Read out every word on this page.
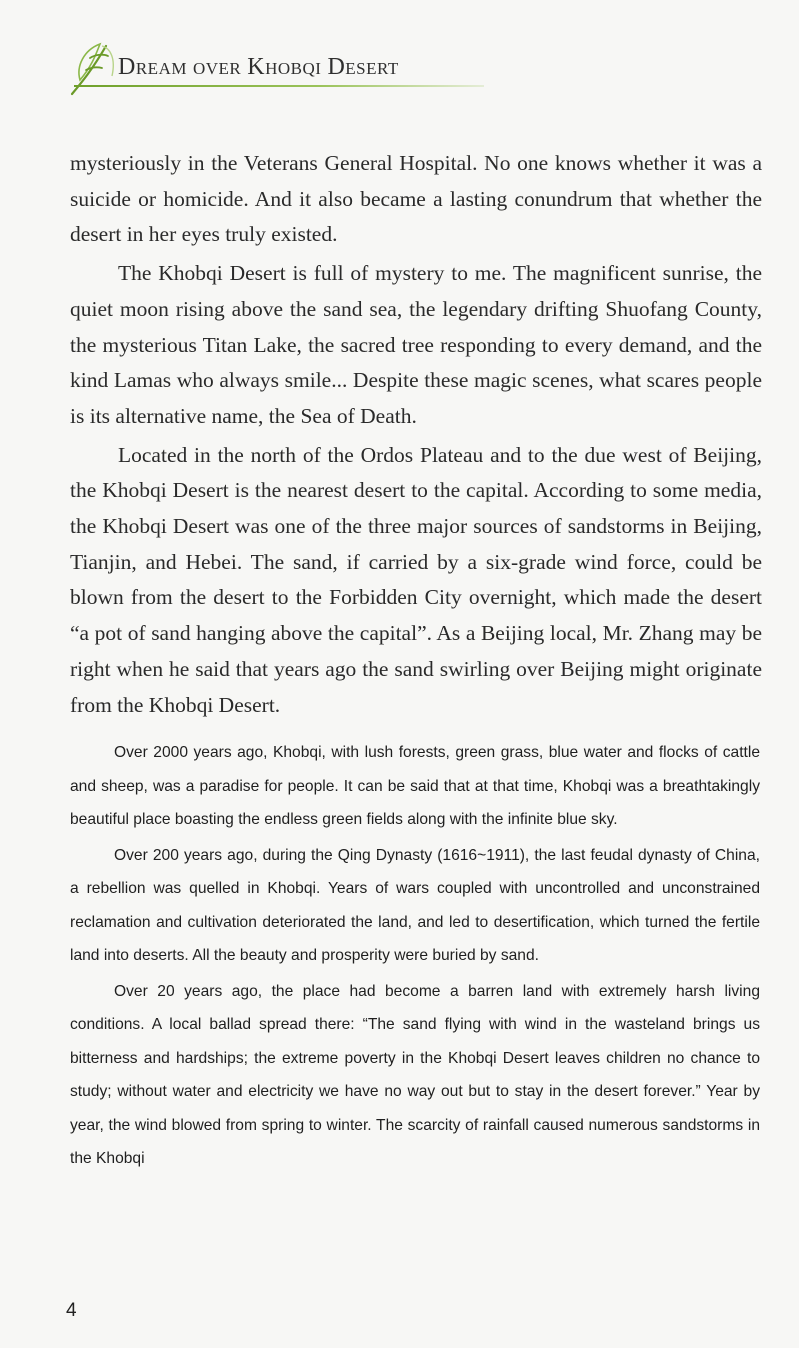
DREAM OVER KHOBQI DESERT

mysteriously in the Veterans General Hospital. No one knows whether it was a suicide or homicide. And it also became a lasting conundrum that whether the desert in her eyes truly existed.

The Khobqi Desert is full of mystery to me. The magnificent sunrise, the quiet moon rising above the sand sea, the legendary drifting Shuofang County, the mysterious Titan Lake, the sacred tree responding to every demand, and the kind Lamas who always smile... Despite these magic scenes, what scares people is its alternative name, the Sea of Death.

Located in the north of the Ordos Plateau and to the due west of Beijing, the Khobqi Desert is the nearest desert to the capital. According to some media, the Khobqi Desert was one of the three major sources of sandstorms in Beijing, Tianjin, and Hebei. The sand, if carried by a six-grade wind force, could be blown from the desert to the Forbidden City overnight, which made the desert “a pot of sand hanging above the capital”. As a Beijing local, Mr. Zhang may be right when he said that years ago the sand swirling over Beijing might originate from the Khobqi Desert.

Over 2000 years ago, Khobqi, with lush forests, green grass, blue water and flocks of cattle and sheep, was a paradise for people. It can be said that at that time, Khobqi was a breathtakingly beautiful place boasting the endless green fields along with the infinite blue sky.

Over 200 years ago, during the Qing Dynasty (1616~1911), the last feudal dynasty of China, a rebellion was quelled in Khobqi. Years of wars coupled with uncontrolled and unconstrained reclamation and cultivation deteriorated the land, and led to desertification, which turned the fertile land into deserts. All the beauty and prosperity were buried by sand.

Over 20 years ago, the place had become a barren land with extremely harsh living conditions. A local ballad spread there: “The sand flying with wind in the wasteland brings us bitterness and hardships; the extreme poverty in the Khobqi Desert leaves children no chance to study; without water and electricity we have no way out but to stay in the desert forever.” Year by year, the wind blowed from spring to winter. The scarcity of rainfall caused numerous sandstorms in the Khobqi

4
